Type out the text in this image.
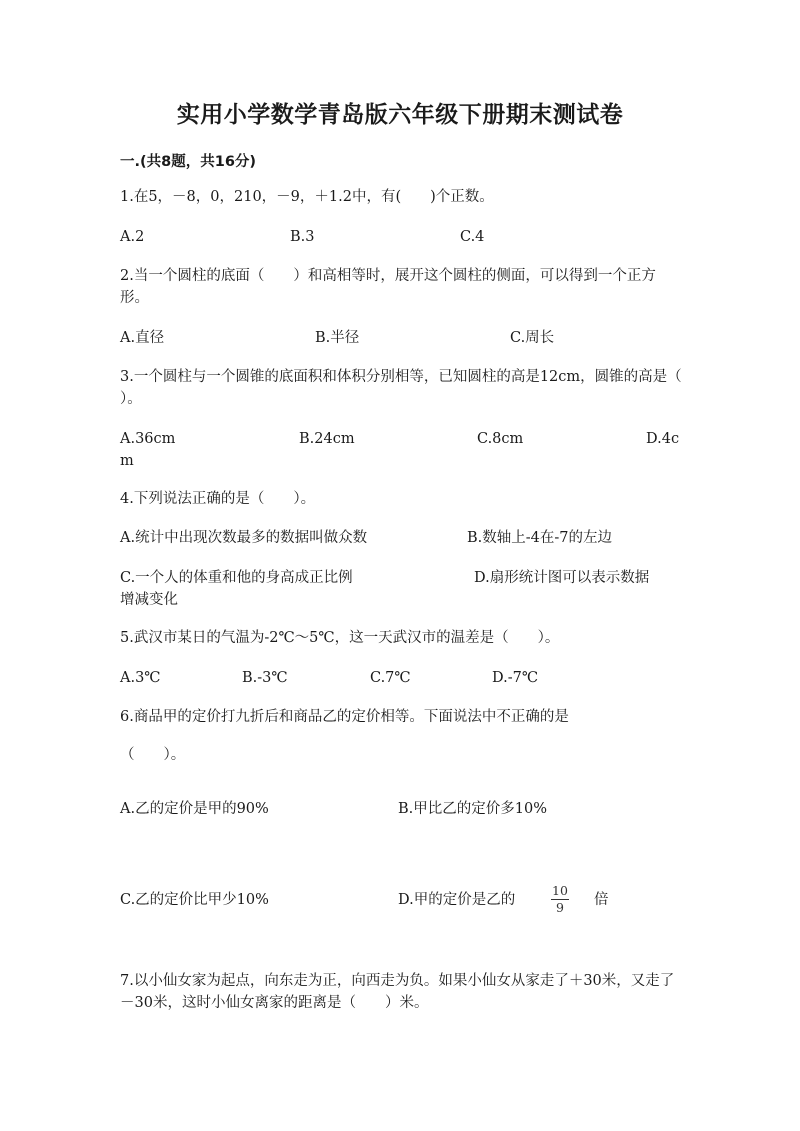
实用小学数学青岛版六年级下册期末测试卷
一.(共8题，共16分)
1.在5，－8，0，210，－9，＋1.2中，有(　　)个正数。
A.2	B.3	C.4
2.当一个圆柱的底面（　　）和高相等时，展开这个圆柱的侧面，可以得到一个正方形。
A.直径	B.半径	C.周长
3.一个圆柱与一个圆锥的底面积和体积分别相等，已知圆柱的高是12cm，圆锥的高是（　　）。
A.36cm	B.24cm	C.8cm	D.4c
m
4.下列说法正确的是（　　）。
A.统计中出现次数最多的数据叫做众数	B.数轴上-4在-7的左边
C.一个人的体重和他的身高成正比例	D.扇形统计图可以表示数据
增减变化
5.武汉市某日的气温为-2℃～5℃，这一天武汉市的温差是（　　）。
A.3℃	B.-3℃	C.7℃	D.-7℃
6.商品甲的定价打九折后和商品乙的定价相等。下面说法中不正确的是
（　　）。
A.乙的定价是甲的90%	B.甲比乙的定价多10%
C.乙的定价比甲少10%	D.甲的定价是乙的
10
9	倍
7.以小仙女家为起点，向东走为正，向西走为负。如果小仙女从家走了＋30米，又走了－30米，这时小仙女离家的距离是（　　）米。
